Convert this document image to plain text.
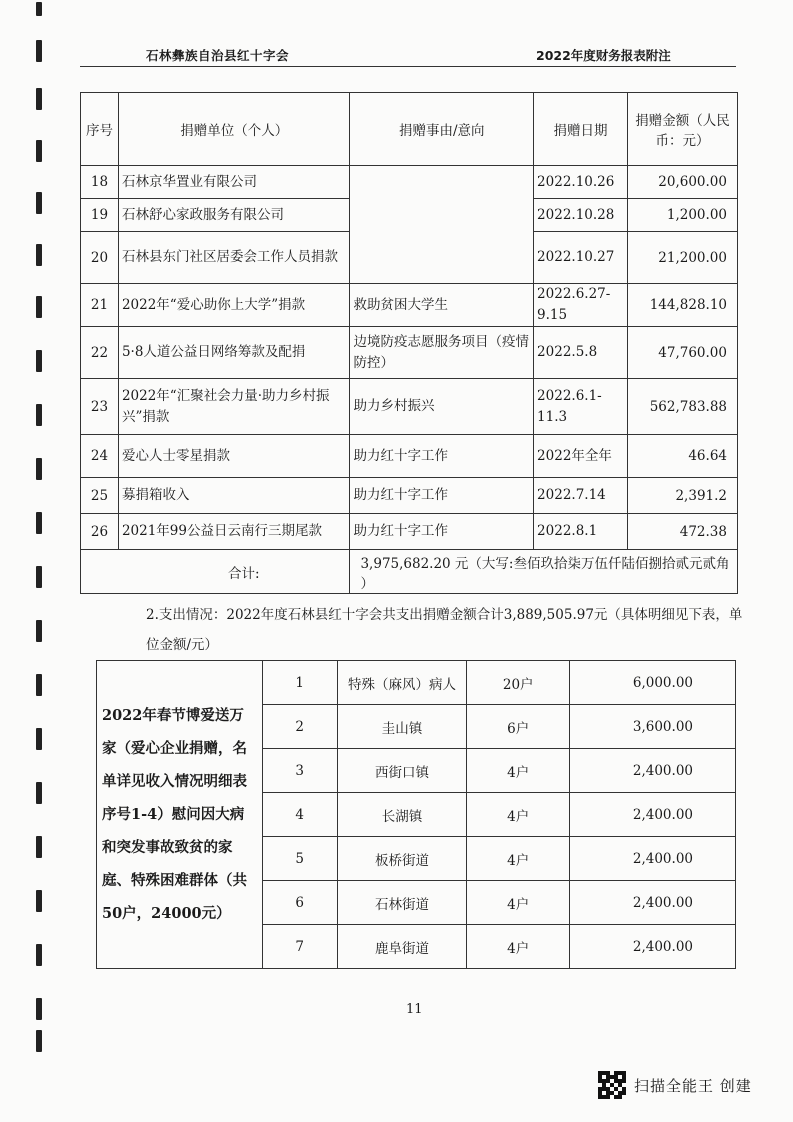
石林彝族自治县红十字会	2022年度财务报表附注
序号	捐赠单位（个人）	捐赠事由/意向	捐赠日期	捐赠金额（人民币：元）
18	石林京华置业有限公司		2022.10.26	20,600.00
19	石林舒心家政服务有限公司		2022.10.28	1,200.00
20	石林县东门社区居委会工作人员捐款		2022.10.27	21,200.00
21	2022年“爱心助你上大学”捐款	救助贫困大学生	2022.6.27-9.15	144,828.10
22	5·8人道公益日网络筹款及配捐	边境防疫志愿服务项目（疫情防控）	2022.5.8	47,760.00
23	2022年“汇聚社会力量·助力乡村振兴”捐款	助力乡村振兴	2022.6.1-11.3	562,783.88
24	爱心人士零星捐款	助力红十字工作	2022年全年	46.64
25	募捐箱收入	助力红十字工作	2022.7.14	2,391.2
26	2021年99公益日云南行三期尾款	助力红十字工作	2022.8.1	472.38
合计:		3,975,682.20 元（大写:叁佰玖拾柒万伍仟陆佰捌拾贰元贰角 ）		
2.支出情况：2022年度石林县红十字会共支出捐赠金额合计3,889,505.97元（具体明细见下表，单位金额/元）
2022年春节博爱送万家（爱心企业捐赠，名单详见收入情况明细表序号1-4）慰问因大病和突发事故致贫的家庭、特殊困难群体（共50户，24000元）	1	特殊（麻风）病人	20户	6,000.00
	2	圭山镇	6户	3,600.00
	3	西街口镇	4户	2,400.00
	4	长湖镇	4户	2,400.00
	5	板桥街道	4户	2,400.00
	6	石林街道	4户	2,400.00
	7	鹿阜街道	4户	2,400.00
11
扫描全能王 创建
